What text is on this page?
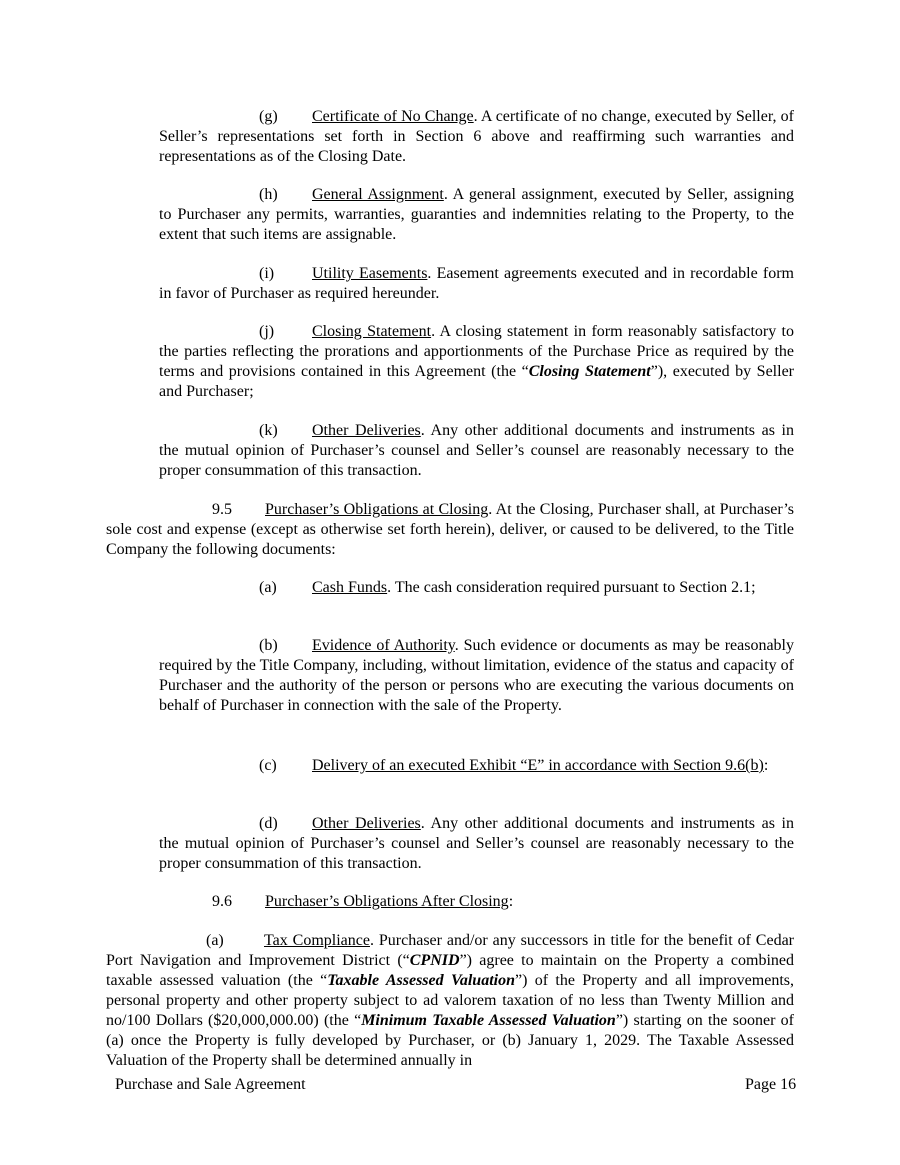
(g) Certificate of No Change. A certificate of no change, executed by Seller, of Seller’s representations set forth in Section 6 above and reaffirming such warranties and representations as of the Closing Date.

(h) General Assignment. A general assignment, executed by Seller, assigning to Purchaser any permits, warranties, guaranties and indemnities relating to the Property, to the extent that such items are assignable.

(i) Utility Easements. Easement agreements executed and in recordable form in favor of Purchaser as required hereunder.

(j) Closing Statement. A closing statement in form reasonably satisfactory to the parties reflecting the prorations and apportionments of the Purchase Price as required by the terms and provisions contained in this Agreement (the “Closing Statement”), executed by Seller and Purchaser;

(k) Other Deliveries. Any other additional documents and instruments as in the mutual opinion of Purchaser’s counsel and Seller’s counsel are reasonably necessary to the proper consummation of this transaction.

9.5 Purchaser’s Obligations at Closing. At the Closing, Purchaser shall, at Purchaser’s sole cost and expense (except as otherwise set forth herein), deliver, or caused to be delivered, to the Title Company the following documents:

(a) Cash Funds. The cash consideration required pursuant to Section 2.1;

(b) Evidence of Authority. Such evidence or documents as may be reasonably required by the Title Company, including, without limitation, evidence of the status and capacity of Purchaser and the authority of the person or persons who are executing the various documents on behalf of Purchaser in connection with the sale of the Property.

(c) Delivery of an executed Exhibit “E” in accordance with Section 9.6(b):

(d) Other Deliveries. Any other additional documents and instruments as in the mutual opinion of Purchaser’s counsel and Seller’s counsel are reasonably necessary to the proper consummation of this transaction.

9.6 Purchaser’s Obligations After Closing:

(a)	Tax Compliance. Purchaser and/or any successors in title for the benefit of Cedar Port Navigation and Improvement District (“CPNID”) agree to maintain on the Property a combined taxable assessed valuation (the “Taxable Assessed Valuation”) of the Property and all improvements, personal property and other property subject to ad valorem taxation of no less than Twenty Million and no/100 Dollars ($20,000,000.00) (the “Minimum Taxable Assessed Valuation”) starting on the sooner of (a) once the Property is fully developed by Purchaser, or (b) January 1, 2029. The Taxable Assessed Valuation of the Property shall be determined annually in

Purchase and Sale Agreement	Page 16
